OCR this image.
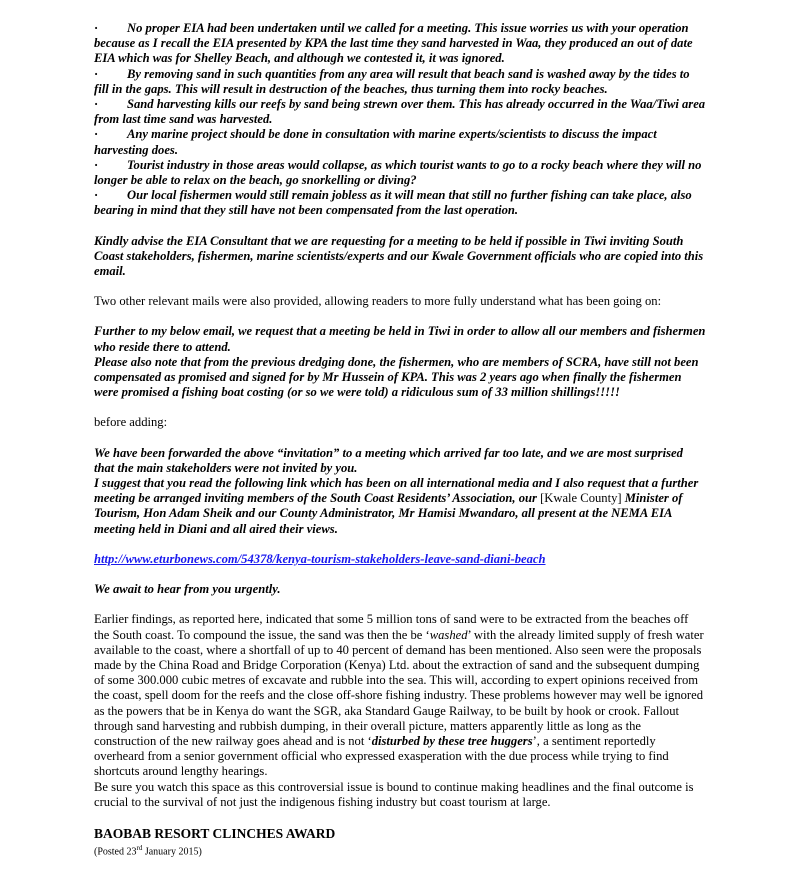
· No proper EIA had been undertaken until we called for a meeting. This issue worries us with your operation because as I recall the EIA presented by KPA the last time they sand harvested in Waa, they produced an out of date EIA which was for Shelley Beach, and although we contested it, it was ignored.

· By removing sand in such quantities from any area will result that beach sand is washed away by the tides to fill in the gaps. This will result in destruction of the beaches, thus turning them into rocky beaches.

· Sand harvesting kills our reefs by sand being strewn over them. This has already occurred in the Waa/Tiwi area from last time sand was harvested.

· Any marine project should be done in consultation with marine experts/scientists to discuss the impact harvesting does.

· Tourist industry in those areas would collapse, as which tourist wants to go to a rocky beach where they will no longer be able to relax on the beach, go snorkelling or diving?

· Our local fishermen would still remain jobless as it will mean that still no further fishing can take place, also bearing in mind that they still have not been compensated from the last operation.

Kindly advise the EIA Consultant that we are requesting for a meeting to be held if possible in Tiwi inviting South Coast stakeholders, fishermen, marine scientists/experts and our Kwale Government officials who are copied into this email.

Two other relevant mails were also provided, allowing readers to more fully understand what has been going on:

Further to my below email, we request that a meeting be held in Tiwi in order to allow all our members and fishermen who reside there to attend.

Please also note that from the previous dredging done, the fishermen, who are members of SCRA, have still not been compensated as promised and signed for by Mr Hussein of KPA. This was 2 years ago when finally the fishermen were promised a fishing boat costing (or so we were told) a ridiculous sum of 33 million shillings!!!!!

before adding:

We have been forwarded the above “invitation” to a meeting which arrived far too late, and we are most surprised that the main stakeholders were not invited by you.

I suggest that you read the following link which has been on all international media and I also request that a further meeting be arranged inviting members of the South Coast Residents’ Association, our [Kwale County] Minister of Tourism, Hon Adam Sheik and our County Administrator, Mr Hamisi Mwandaro, all present at the NEMA EIA meeting held in Diani and all aired their views.

http://www.eturbonews.com/54378/kenya-tourism-stakeholders-leave-sand-diani-beach

We await to hear from you urgently.

Earlier findings, as reported here, indicated that some 5 million tons of sand were to be extracted from the beaches off the South coast. To compound the issue, the sand was then the be ‘washed’ with the already limited supply of fresh water available to the coast, where a shortfall of up to 40 percent of demand has been mentioned. Also seen were the proposals made by the China Road and Bridge Corporation (Kenya) Ltd. about the extraction of sand and the subsequent dumping of some 300.000 cubic metres of excavate and rubble into the sea. This will, according to expert opinions received from the coast, spell doom for the reefs and the close off-shore fishing industry. These problems however may well be ignored as the powers that be in Kenya do want the SGR, aka Standard Gauge Railway, to be built by hook or crook. Fallout through sand harvesting and rubbish dumping, in their overall picture, matters apparently little as long as the construction of the new railway goes ahead and is not ‘disturbed by these tree huggers’, a sentiment reportedly overheard from a senior government official who expressed exasperation with the due process while trying to find shortcuts around lengthy hearings.

Be sure you watch this space as this controversial issue is bound to continue making headlines and the final outcome is crucial to the survival of not just the indigenous fishing industry but coast tourism at large.

BAOBAB RESORT CLINCHES AWARD

(Posted 23rd January 2015)
